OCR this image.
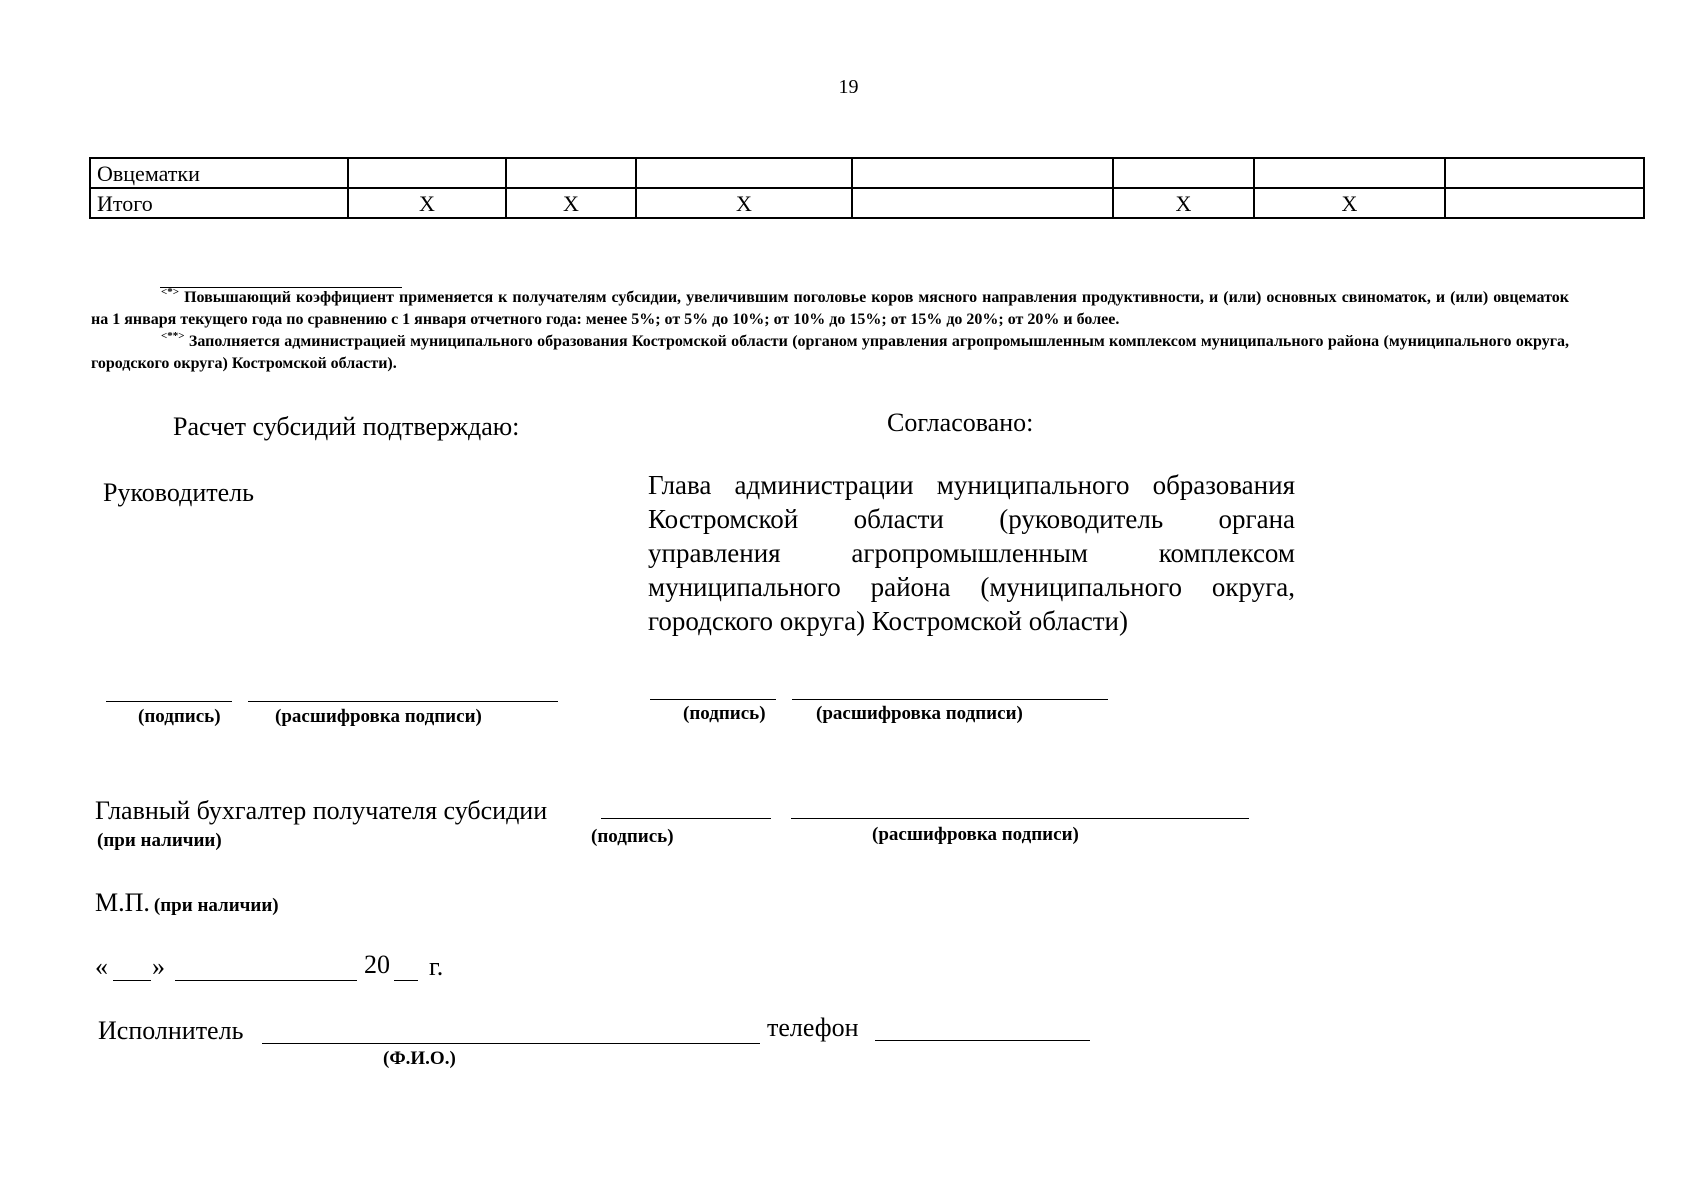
19
Овцематки							
Итого	X	X	X		X	X	

<*> Повышающий коэффициент применяется к получателям субсидии, увеличившим поголовье коров мясного направления продуктивности, и (или) основных свиноматок, и (или) овцематок на 1 января текущего года по сравнению с 1 января отчетного года: менее 5%; от 5% до 10%; от 10% до 15%; от 15% до 20%; от 20% и более.

<**> Заполняется администрацией муниципального образования Костромской области (органом управления агропромышленным комплексом муниципального района (муниципального округа, городского округа) Костромской области).

Расчет субсидий подтверждаю:
Руководитель
(подпись)	(расшифровка подписи)
Согласовано:
Глава администрации муниципального образования
Костромской области (руководитель органа
управления агропромышленным комплексом
муниципального района (муниципального округа,
городского округа) Костромской области)
(подпись)	(расшифровка подписи)
Главный бухгалтер получателя субсидии
(при наличии)	(подпись)	(расшифровка подписи)
М.П. (при наличии)
« »	20 г.
Исполнитель	телефон
(Ф.И.О.)
